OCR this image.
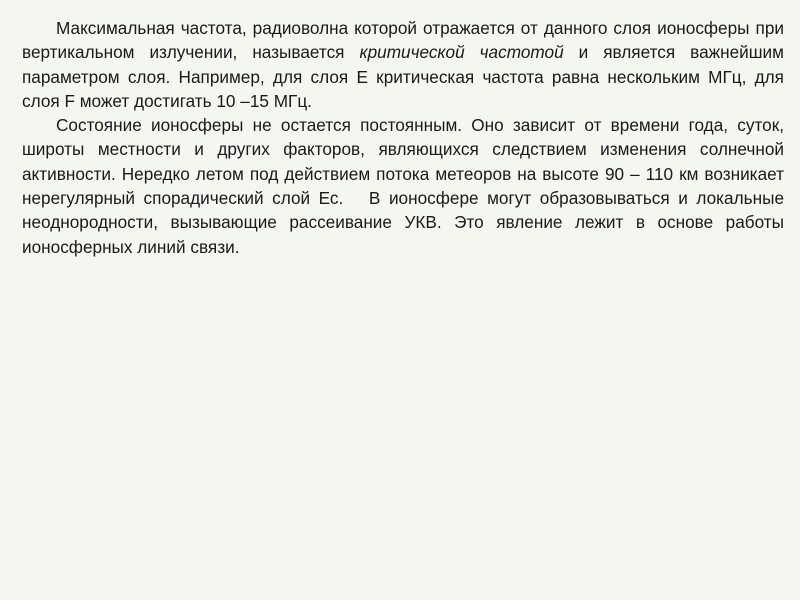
Максимальная частота, радиоволна которой отражается от данного слоя ионосферы при вертикальном излучении, называется критической частотой и является важнейшим параметром слоя. Например, для слоя Е критическая частота равна нескольким МГц, для слоя F может достигать 10 –15 МГц.

Состояние ионосферы не остается постоянным. Оно зависит от времени года, суток, широты местности и других факторов, являющихся следствием изменения солнечной активности. Нередко летом под действием потока метеоров на высоте 90 – 110 км возникает нерегулярный спорадический слой Ес.   В ионосфере могут образовываться и локальные неоднородности, вызывающие рассеивание УКВ. Это явление лежит в основе работы ионосферных линий связи.
